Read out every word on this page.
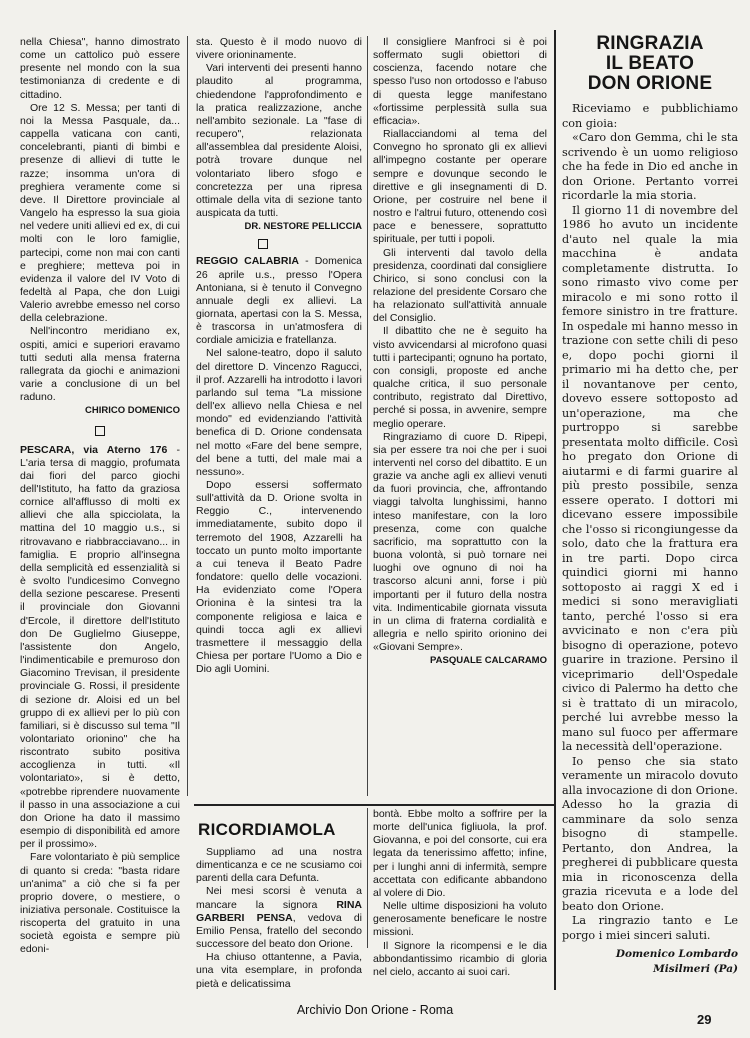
nella Chiesa", hanno dimostrato come un cattolico può essere presente nel mondo con la sua testimonianza di credente e di cittadino.

Ore 12 S. Messa; per tanti di noi la Messa Pasquale, da... cappella vaticana con canti, concelebranti, pianti di bimbi e presenze di allievi di tutte le razze; insomma un'ora di preghiera veramente come si deve. Il Direttore provinciale al Vangelo ha espresso la sua gioia nel vedere uniti allievi ed ex, di cui molti con le loro famiglie, partecipi, come non mai con canti e preghiere; metteva poi in evidenza il valore del IV Voto di fedeltà al Papa, che don Luigi Valerio avrebbe emesso nel corso della celebrazione.

Nell'incontro meridiano ex, ospiti, amici e superiori eravamo tutti seduti alla mensa fraterna rallegrata da giochi e animazioni varie a conclusione di un bel raduno.

CHIRICO DOMENICO

PESCARA, via Aterno 176 - L'aria tersa di maggio, profumata dai fiori del parco giochi dell'Istituto, ha fatto da graziosa cornice all'afflusso di molti ex allievi che alla spicciolata, la mattina del 10 maggio u.s., si ritrovavano e riabbracciavano... in famiglia. E proprio all'insegna della semplicità ed essenzialità si è svolto l'undicesimo Convegno della sezione pescarese. Presenti il provinciale don Giovanni d'Ercole, il direttore dell'Istituto don De Guglielmo Giuseppe, l'assistente don Angelo, l'indimenticabile e premuroso don Giacomino Trevisan, il presidente provinciale G. Rossi, il presidente di sezione dr. Aloisi ed un bel gruppo di ex allievi per lo più con familiari, si è discusso sul tema "Il volontariato orionino" che ha riscontrato subito positiva accoglienza in tutti. «Il volontariato», si è detto, «potrebbe riprendere nuovamente il passo in una associazione a cui don Orione ha dato il massimo esempio di disponibilità ed amore per il prossimo».

Fare volontariato è più semplice di quanto si creda: "basta ridare un'anima" a ciò che si fa per proprio dovere, o mestiere, o iniziativa personale. Costituisce la riscoperta del gratuito in una società egoista e sempre più edoni-

sta. Questo è il modo nuovo di vivere orioninamente.

Vari interventi dei presenti hanno plaudito al programma, chiedendone l'approfondimento e la pratica realizzazione, anche nell'ambito sezionale. La "fase di recupero", relazionata all'assemblea dal presidente Aloisi, potrà trovare dunque nel volontariato libero sfogo e concretezza per una ripresa ottimale della vita di sezione tanto auspicata da tutti.

DR. NESTORE PELLICCIA

REGGIO CALABRIA - Domenica 26 aprile u.s., presso l'Opera Antoniana, si è tenuto il Convegno annuale degli ex allievi. La giornata, apertasi con la S. Messa, è trascorsa in un'atmosfera di cordiale amicizia e fratellanza.

Nel salone-teatro, dopo il saluto del direttore D. Vincenzo Ragucci, il prof. Azzarelli ha introdotto i lavori parlando sul tema "La missione dell'ex allievo nella Chiesa e nel mondo" ed evidenziando l'attività benefica di D. Orione condensata nel motto «Fare del bene sempre, del bene a tutti, del male mai a nessuno».

Dopo essersi soffermato sull'attività da D. Orione svolta in Reggio C., intervenendo immediatamente, subito dopo il terremoto del 1908, Azzarelli ha toccato un punto molto importante a cui teneva il Beato Padre fondatore: quello delle vocazioni. Ha evidenziato come l'Opera Orionina è la sintesi tra la componente religiosa e laica e quindi tocca agli ex allievi trasmettere il messaggio della Chiesa per portare l'Uomo a Dio e Dio agli Uomini.

Il consigliere Manfroci si è poi soffermato sugli obiettori di coscienza, facendo notare che spesso l'uso non ortodosso e l'abuso di questa legge manifestano «fortissime perplessità sulla sua efficacia».

Riallacciandomi al tema del Convegno ho spronato gli ex allievi all'impegno costante per operare sempre e dovunque secondo le direttive e gli insegnamenti di D. Orione, per costruire nel bene il nostro e l'altrui futuro, ottenendo così pace e benessere, soprattutto spirituale, per tutti i popoli.

Gli interventi dal tavolo della presidenza, coordinati dal consigliere Chirico, si sono conclusi con la relazione del presidente Corsaro che ha relazionato sull'attività annuale del Consiglio.

Il dibattito che ne è seguito ha visto avvicendarsi al microfono quasi tutti i partecipanti; ognuno ha portato, con consigli, proposte ed anche qualche critica, il suo personale contributo, registrato dal Direttivo, perché si possa, in avvenire, sempre meglio operare.

Ringraziamo di cuore D. Ripepi, sia per essere tra noi che per i suoi interventi nel corso del dibattito. E un grazie va anche agli ex allievi venuti da fuori provincia, che, affrontando viaggi talvolta lunghissimi, hanno inteso manifestare, con la loro presenza, come con qualche sacrificio, ma soprattutto con la buona volontà, si può tornare nei luoghi ove ognuno di noi ha trascorso alcuni anni, forse i più importanti per il futuro della nostra vita. Indimenticabile giornata vissuta in un clima di fraterna cordialità e allegria e nello spirito orionino dei «Giovani Sempre».

PASQUALE CALCARAMO

RICORDIAMOLA

Suppliamo ad una nostra dimenticanza e ce ne scusiamo coi parenti della cara Defunta.

Nei mesi scorsi è venuta a mancare la signora RINA GARBERI PENSA, vedova di Emilio Pensa, fratello del secondo successore del beato don Orione.

Ha chiuso ottantenne, a Pavia, una vita esemplare, in profonda pietà e delicatissima

bontà. Ebbe molto a soffrire per la morte dell'unica figliuola, la prof. Giovanna, e poi del consorte, cui era legata da tenerissimo affetto; infine, per i lunghi anni di infermità, sempre accettata con edificante abbandono al volere di Dio.

Nelle ultime disposizioni ha voluto generosamente beneficare le nostre missioni.

Il Signore la ricompensi e le dia abbondantissimo ricambio di gloria nel cielo, accanto ai suoi cari.

RINGRAZIA
IL BEATO
DON ORIONE

Riceviamo e pubblichiamo con gioia:

«Caro don Gemma, chi le sta scrivendo è un uomo religioso che ha fede in Dio ed anche in don Orione. Pertanto vorrei ricordarle la mia storia.

Il giorno 11 di novembre del 1986 ho avuto un incidente d'auto nel quale la mia macchina è andata completamente distrutta. Io sono rimasto vivo come per miracolo e mi sono rotto il femore sinistro in tre fratture. In ospedale mi hanno messo in trazione con sette chili di peso e, dopo pochi giorni il primario mi ha detto che, per il novantanove per cento, dovevo essere sottoposto ad un'operazione, ma che purtroppo si sarebbe presentata molto difficile. Così ho pregato don Orione di aiutarmi e di farmi guarire al più presto possibile, senza essere operato. I dottori mi dicevano essere impossibile che l'osso si ricongiungesse da solo, dato che la frattura era in tre parti. Dopo circa quindici giorni mi hanno sottoposto ai raggi X ed i medici si sono meravigliati tanto, perché l'osso si era avvicinato e non c'era più bisogno di operazione, potevo guarire in trazione. Persino il viceprimario dell'Ospedale civico di Palermo ha detto che si è trattato di un miracolo, perché lui avrebbe messo la mano sul fuoco per affermare la necessità dell'operazione.

Io penso che sia stato veramente un miracolo dovuto alla invocazione di don Orione. Adesso ho la grazia di camminare da solo senza bisogno di stampelle. Pertanto, don Andrea, la pregherei di pubblicare questa mia in riconoscenza della grazia ricevuta e a lode del beato don Orione.

La ringrazio tanto e Le porgo i miei sinceri saluti.

Domenico Lombardo

Misilmeri (Pa)

Archivio Don Orione - Roma
29
